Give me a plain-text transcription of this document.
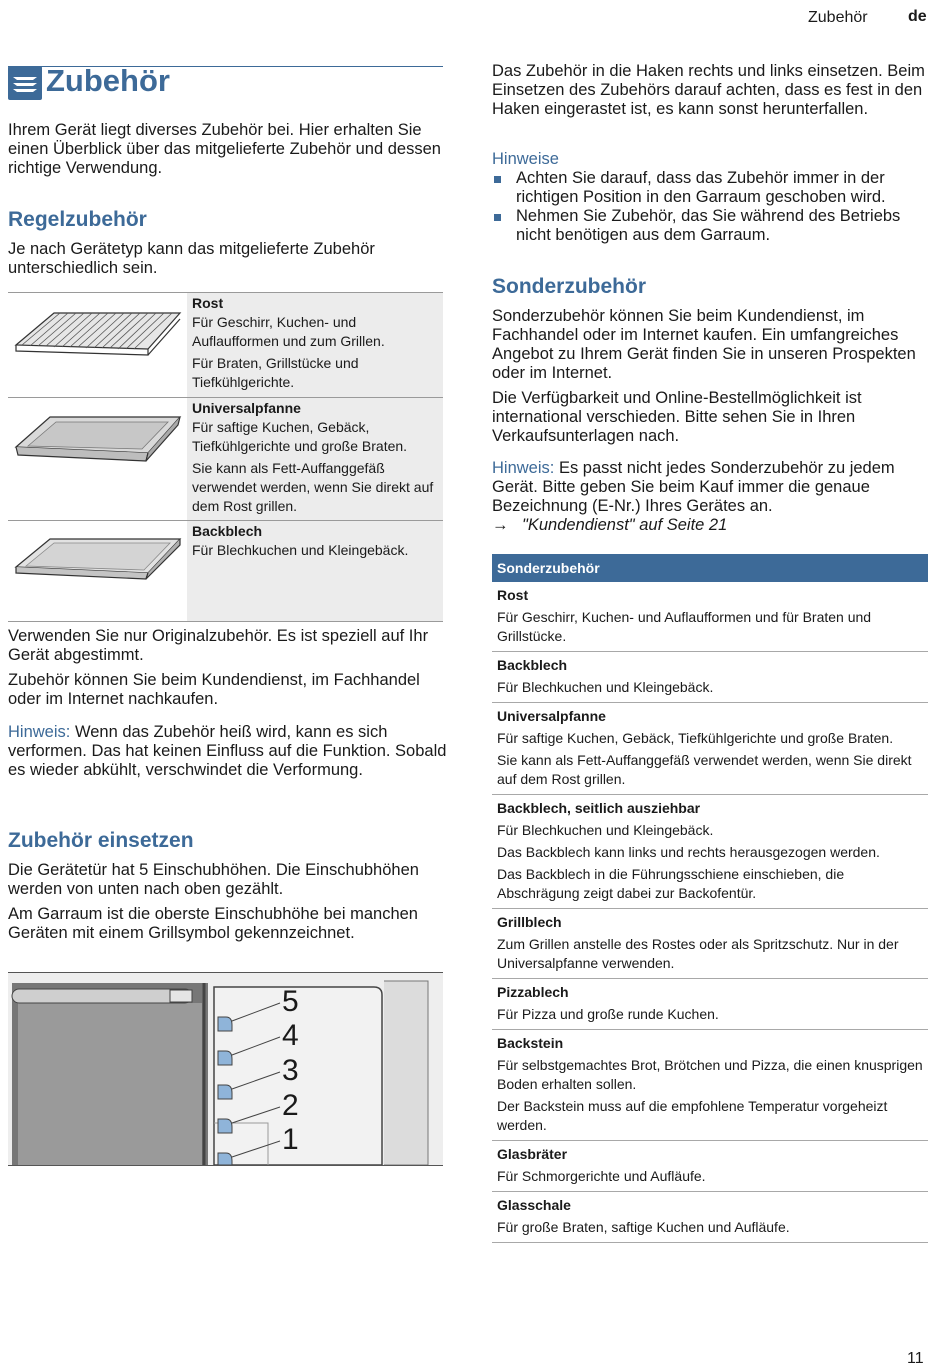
Zubehör	de
Zubehör

Ihrem Gerät liegt diverses Zubehör bei. Hier erhalten Sie einen Überblick über das mitgelieferte Zubehör und dessen richtige Verwendung.

Regelzubehör

Je nach Gerätetyp kann das mitgelieferte Zubehör unterschiedlich sein.

Rost

Für Geschirr, Kuchen- und Auflaufformen und zum Grillen.

Für Braten, Grillstücke und Tiefkühlgerichte.

Universalpfanne

Für saftige Kuchen, Gebäck, Tiefkühlgerichte und große Braten.

Sie kann als Fett-Auffanggefäß verwendet werden, wenn Sie direkt auf dem Rost grillen.

Backblech

Für Blechkuchen und Kleingebäck.

Verwenden Sie nur Originalzubehör. Es ist speziell auf Ihr Gerät abgestimmt.

Zubehör können Sie beim Kundendienst, im Fachhandel oder im Internet nachkaufen.

Hinweis: Wenn das Zubehör heiß wird, kann es sich verformen. Das hat keinen Einfluss auf die Funktion. Sobald es wieder abkühlt, verschwindet die Verformung.

Zubehör einsetzen

Die Gerätetür hat 5 Einschubhöhen. Die Einschubhöhen werden von unten nach oben gezählt.

Am Garraum ist die oberste Einschubhöhe bei manchen Geräten mit einem Grillsymbol gekennzeichnet.

5
4
3
2
1

Das Zubehör in die Haken rechts und links einsetzen. Beim Einsetzen des Zubehörs darauf achten, dass es fest in den Haken eingerastet ist, es kann sonst herunterfallen.

Hinweise
Achten Sie darauf, dass das Zubehör immer in der richtigen Position in den Garraum geschoben wird.
Nehmen Sie Zubehör, das Sie während des Betriebs nicht benötigen aus dem Garraum.
Sonderzubehör

Sonderzubehör können Sie beim Kundendienst, im Fachhandel oder im Internet kaufen. Ein umfangreiches Angebot zu Ihrem Gerät finden Sie in unseren Prospekten oder im Internet.

Die Verfügbarkeit und Online-Bestellmöglichkeit ist international verschieden. Bitte sehen Sie in Ihren Verkaufsunterlagen nach.

Hinweis: Es passt nicht jedes Sonderzubehör zu jedem Gerät. Bitte geben Sie beim Kauf immer die genaue Bezeichnung (E-Nr.) Ihres Gerätes an.

→ "Kundendienst" auf Seite 21
Sonderzubehör

Rost

Für Geschirr, Kuchen- und Auflaufformen und für Braten und Grillstücke.

Backblech

Für Blechkuchen und Kleingebäck.

Universalpfanne

Für saftige Kuchen, Gebäck, Tiefkühlgerichte und große Braten.

Sie kann als Fett-Auffanggefäß verwendet werden, wenn Sie direkt auf dem Rost grillen.

Backblech, seitlich ausziehbar

Für Blechkuchen und Kleingebäck.

Das Backblech kann links und rechts herausgezogen werden.

Das Backblech in die Führungsschiene einschieben, die Abschrägung zeigt dabei zur Backofentür.

Grillblech

Zum Grillen anstelle des Rostes oder als Spritzschutz. Nur in der Universalpfanne verwenden.

Pizzablech

Für Pizza und große runde Kuchen.

Backstein

Für selbstgemachtes Brot, Brötchen und Pizza, die einen knusprigen Boden erhalten sollen.

Der Backstein muss auf die empfohlene Temperatur vorgeheizt werden.

Glasbräter

Für Schmorgerichte und Aufläufe.

Glasschale

Für große Braten, saftige Kuchen und Aufläufe.

11
